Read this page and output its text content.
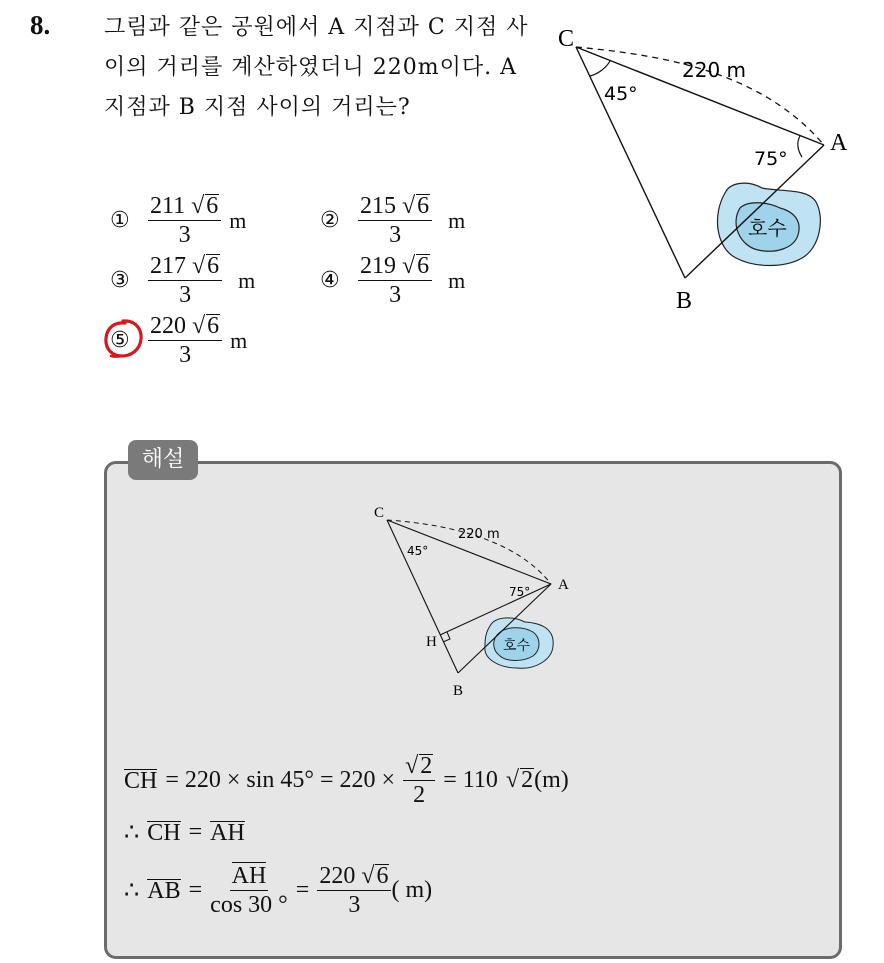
8. 그림과 같은 공원에서 A 지점과 C 지점 사이의 거리를 계산하였더니 220m이다. A 지점과 B 지점 사이의 거리는?
① $\frac{211 √6}{3}$ m	② $\frac{215 √6}{3}$ m
③ $\frac{217 √6}{3}$ m	④ $\frac{219 √6}{3}$ m
⑤ $\frac{220 √6}{3}$ m
호수
C
A
B
220 m
45°
75°
해설
호수
C
A
B
H
220 m
45°
75°
CH = $220 \times \sin 45^\circ = 220 \times \frac{√2}{2} = 110$ √2 (m)
∴ CH = AH
∴ AB = $\frac{AH}{\cos 30 ^\circ} = \frac{220 √6}{3}$ ( m)
